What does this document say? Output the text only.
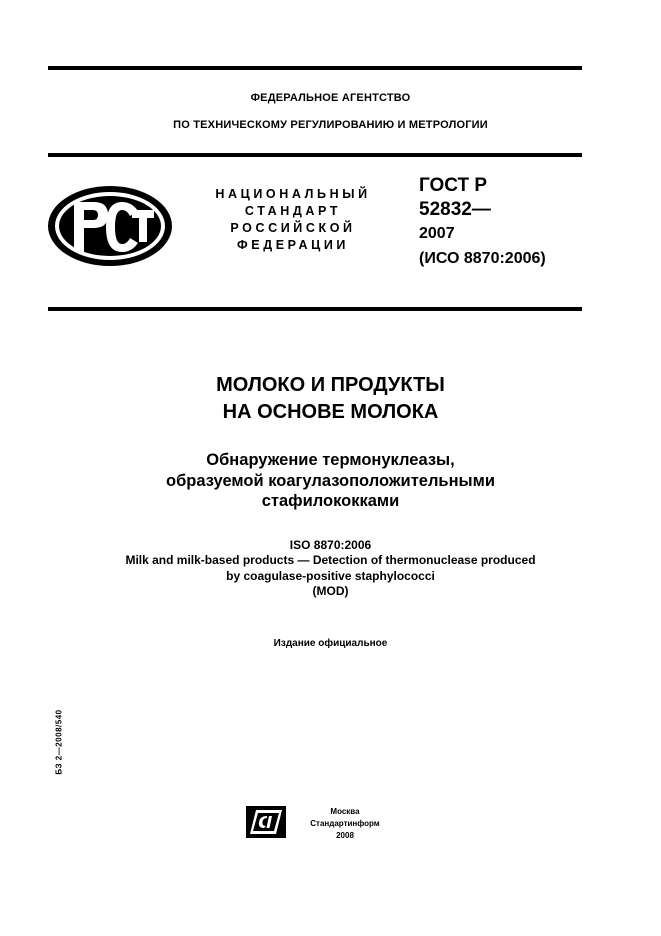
ФЕДЕРАЛЬНОЕ АГЕНТСТВО
ПО ТЕХНИЧЕСКОМУ РЕГУЛИРОВАНИЮ И МЕТРОЛОГИИ
НАЦИОНАЛЬНЫЙ
СТАНДАРТ
РОССИЙСКОЙ
ФЕДЕРАЦИИ
ГОСТ Р
52832—
2007
(ИСО 8870:2006)
МОЛОКО И ПРОДУКТЫ
НА ОСНОВЕ МОЛОКА
Обнаружение термонуклеазы,
образуемой коагулазоположительными
стафилококками
ISO 8870:2006
Milk and milk-based products — Detection of thermonuclease produced
by coagulase-positive staphylococci
(MOD)
Издание официальное
БЗ 2—2008/540
Москва
Стандартинформ
2008
